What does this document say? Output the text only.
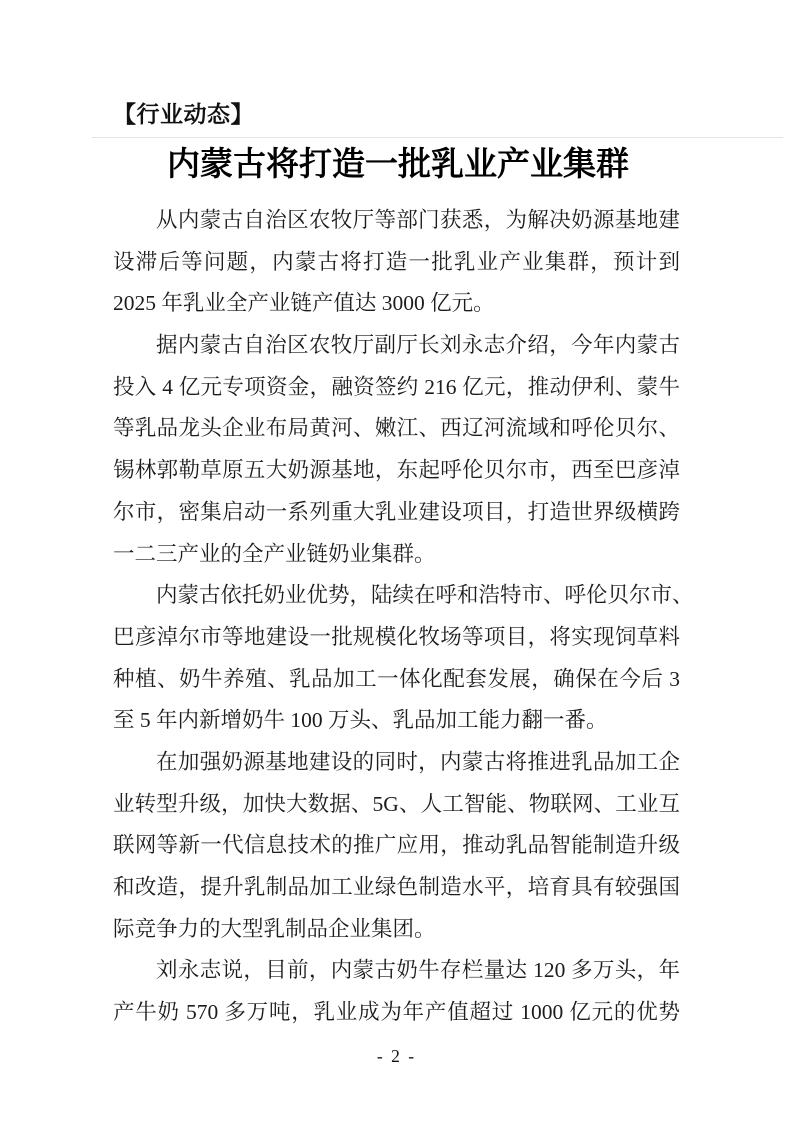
【行业动态】
内蒙古将打造一批乳业产业集群
从内蒙古自治区农牧厅等部门获悉，为解决奶源基地建
设滞后等问题，内蒙古将打造一批乳业产业集群，预计到
2025 年乳业全产业链产值达 3000 亿元。
据内蒙古自治区农牧厅副厅长刘永志介绍，今年内蒙古
投入 4 亿元专项资金，融资签约 216 亿元，推动伊利、蒙牛
等乳品龙头企业布局黄河、嫩江、西辽河流域和呼伦贝尔、
锡林郭勒草原五大奶源基地，东起呼伦贝尔市，西至巴彦淖
尔市，密集启动一系列重大乳业建设项目，打造世界级横跨
一二三产业的全产业链奶业集群。
内蒙古依托奶业优势，陆续在呼和浩特市、呼伦贝尔市、
巴彦淖尔市等地建设一批规模化牧场等项目，将实现饲草料
种植、奶牛养殖、乳品加工一体化配套发展，确保在今后 3
至 5 年内新增奶牛 100 万头、乳品加工能力翻一番。
在加强奶源基地建设的同时，内蒙古将推进乳品加工企
业转型升级，加快大数据、5G、人工智能、物联网、工业互
联网等新一代信息技术的推广应用，推动乳品智能制造升级
和改造，提升乳制品加工业绿色制造水平，培育具有较强国
际竞争力的大型乳制品企业集团。
刘永志说，目前，内蒙古奶牛存栏量达 120 多万头，年
产牛奶 570 多万吨，乳业成为年产值超过 1000 亿元的优势
- 2 -
